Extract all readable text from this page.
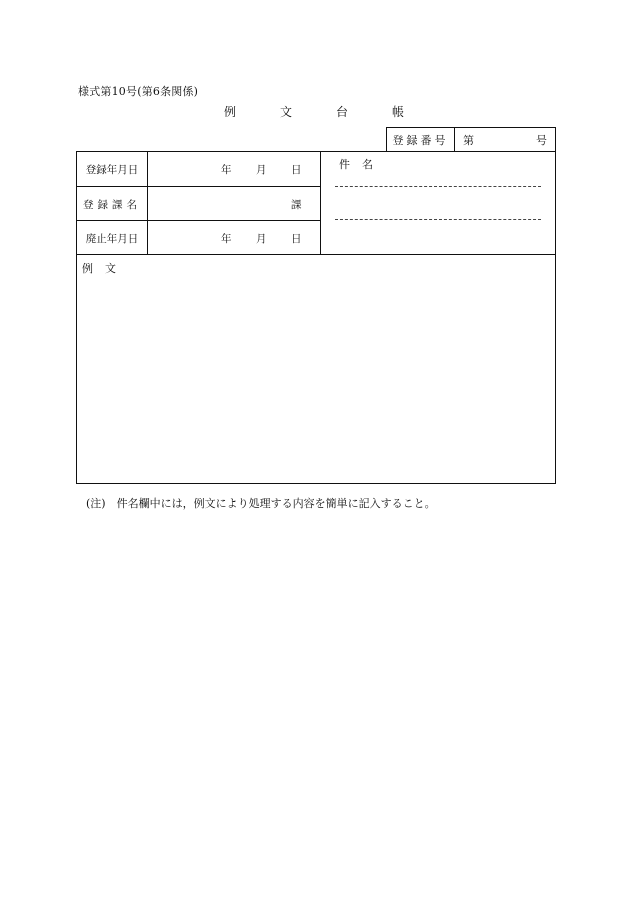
様式第10号(第6条関係)
例	文	台	帳
登録番号	第	号
登録年月日	年 月 日
登録課名	課
廃止年月日	年 月 日
件名
例文
(注)　件名欄中には，例文により処理する内容を簡単に記入すること。
